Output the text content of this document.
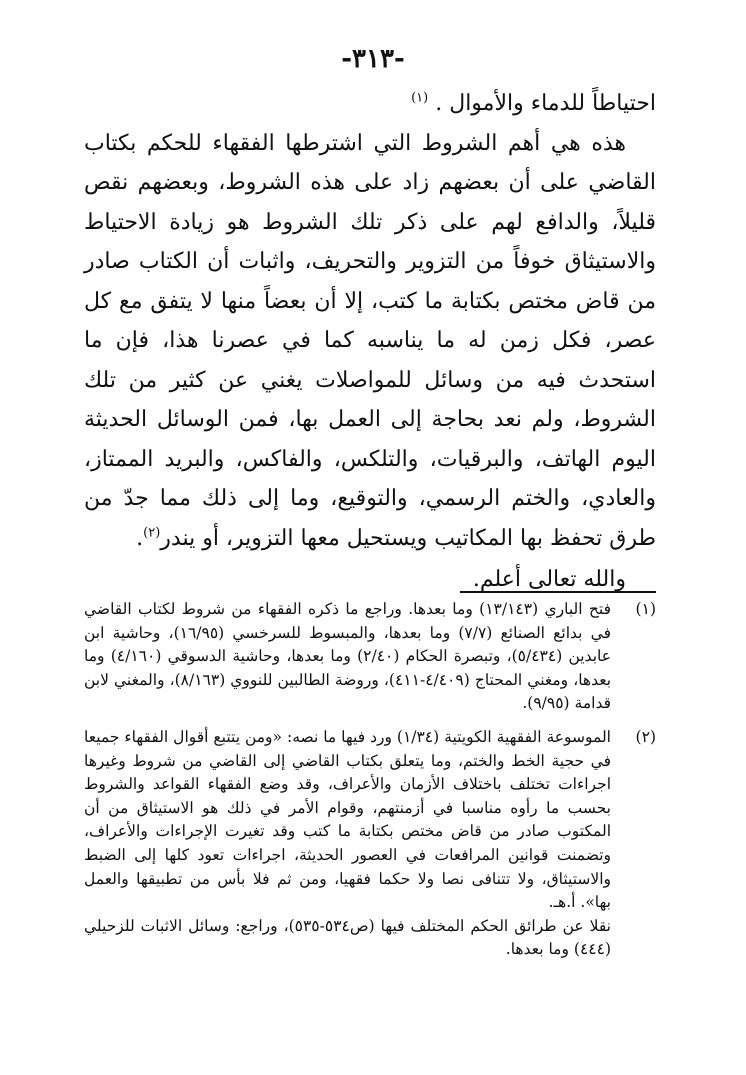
-٣١٣-

احتياطاً للدماء والأموال . $^{(١)}$

هذه هي أهم الشروط التي اشترطها الفقهاء للحكم بكتاب القاضي على أن بعضهم زاد على هذه الشروط، وبعضهم نقص قليلاً، والدافع لهم على ذكر تلك الشروط هو زيادة الاحتياط والاستيثاق خوفاً من التزوير والتحريف، واثبات أن الكتاب صادر من قاض مختص بكتابة ما كتب، إلا أن بعضاً منها لا يتفق مع كل عصر، فكل زمن له ما يناسبه كما في عصرنا هذا، فإن ما استحدث فيه من وسائل للمواصلات يغني عن كثير من تلك الشروط، ولم نعد بحاجة إلى العمل بها، فمن الوسائل الحديثة اليوم الهاتف، والبرقيات، والتلكس، والفاكس، والبريد الممتاز، والعادي، والختم الرسمي، والتوقيع، وما إلى ذلك مما جدّ من طرق تحفظ بها المكاتيب ويستحيل معها التزوير، أو يندر$^{(٢)}$.

والله تعالى أعلم.

(١)
فتح الباري (١٣/١٤٣) وما بعدها. وراجع ما ذكره الفقهاء من شروط لكتاب القاضي في بدائع الصنائع (٧/٧) وما بعدها، والمبسوط للسرخسي (١٦/٩٥)، وحاشية ابن عابدين (٥/٤٣٤)، وتبصرة الحكام (٢/٤٠) وما بعدها، وحاشية الدسوقي (٤/١٦٠) وما بعدها، ومغني المحتاج (٤/٤٠٩-٤١١)، وروضة الطالبين للنووي (٨/١٦٣)، والمغني لابن قدامة (٩/٩٥).
(٢)
الموسوعة الفقهية الكويتية (١/٣٤) ورد فيها ما نصه: «ومن يتتبع أقوال الفقهاء جميعا في حجية الخط والختم، وما يتعلق بكتاب القاضي إلى القاضي من شروط وغيرها اجراءات تختلف باختلاف الأزمان والأعراف، وقد وضع الفقهاء القواعد والشروط بحسب ما رأوه مناسبا في أزمنتهم، وقوام الأمر في ذلك هو الاستيثاق من أن المكتوب صادر من قاض مختص بكتابة ما كتب وقد تغيرت الإجراءات والأعراف، وتضمنت قوانين المرافعات في العصور الحديثة، اجراءات تعود كلها إلى الضبط والاستيثاق، ولا تتنافى نصا ولا حكما فقهيا، ومن ثم فلا بأس من تطبيقها والعمل بها». أ.هـ.
نقلا عن طرائق الحكم المختلف فيها (ص٥٣٤-٥٣٥)، وراجع: وسائل الاثبات للزحيلي (٤٤٤) وما بعدها.
